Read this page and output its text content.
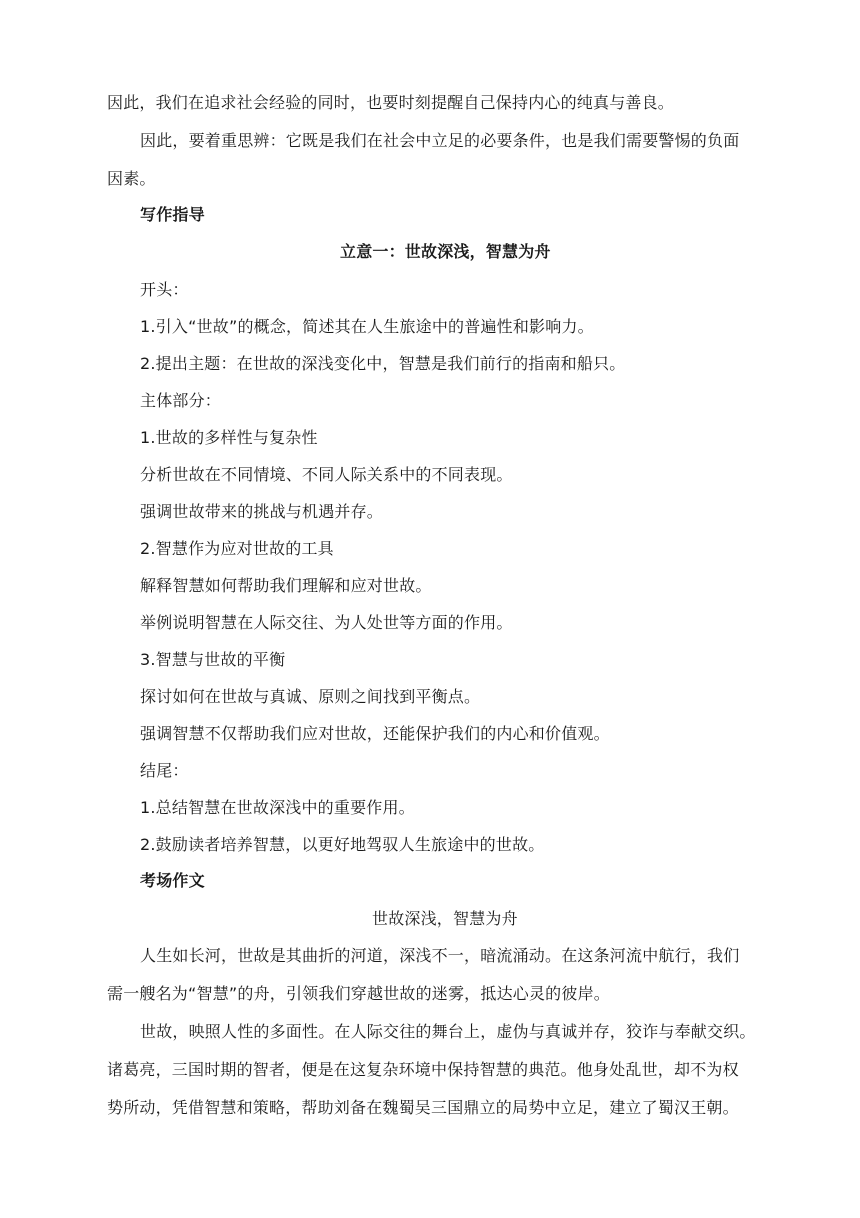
因此，我们在追求社会经验的同时，也要时刻提醒自己保持内心的纯真与善良。
因此，要着重思辨：它既是我们在社会中立足的必要条件，也是我们需要警惕的负面
因素。
写作指导
立意一：世故深浅，智慧为舟
开头：
1.引入“世故”的概念，简述其在人生旅途中的普遍性和影响力。
2.提出主题：在世故的深浅变化中，智慧是我们前行的指南和船只。
主体部分：
1.世故的多样性与复杂性
分析世故在不同情境、不同人际关系中的不同表现。
强调世故带来的挑战与机遇并存。
2.智慧作为应对世故的工具
解释智慧如何帮助我们理解和应对世故。
举例说明智慧在人际交往、为人处世等方面的作用。
3.智慧与世故的平衡
探讨如何在世故与真诚、原则之间找到平衡点。
强调智慧不仅帮助我们应对世故，还能保护我们的内心和价值观。
结尾：
1.总结智慧在世故深浅中的重要作用。
2.鼓励读者培养智慧，以更好地驾驭人生旅途中的世故。
考场作文
世故深浅，智慧为舟
人生如长河，世故是其曲折的河道，深浅不一，暗流涌动。在这条河流中航行，我们
需一艘名为“智慧”的舟，引领我们穿越世故的迷雾，抵达心灵的彼岸。
世故，映照人性的多面性。在人际交往的舞台上，虚伪与真诚并存，狡诈与奉献交织。
诸葛亮，三国时期的智者，便是在这复杂环境中保持智慧的典范。他身处乱世，却不为权
势所动，凭借智慧和策略，帮助刘备在魏蜀吴三国鼎立的局势中立足，建立了蜀汉王朝。
